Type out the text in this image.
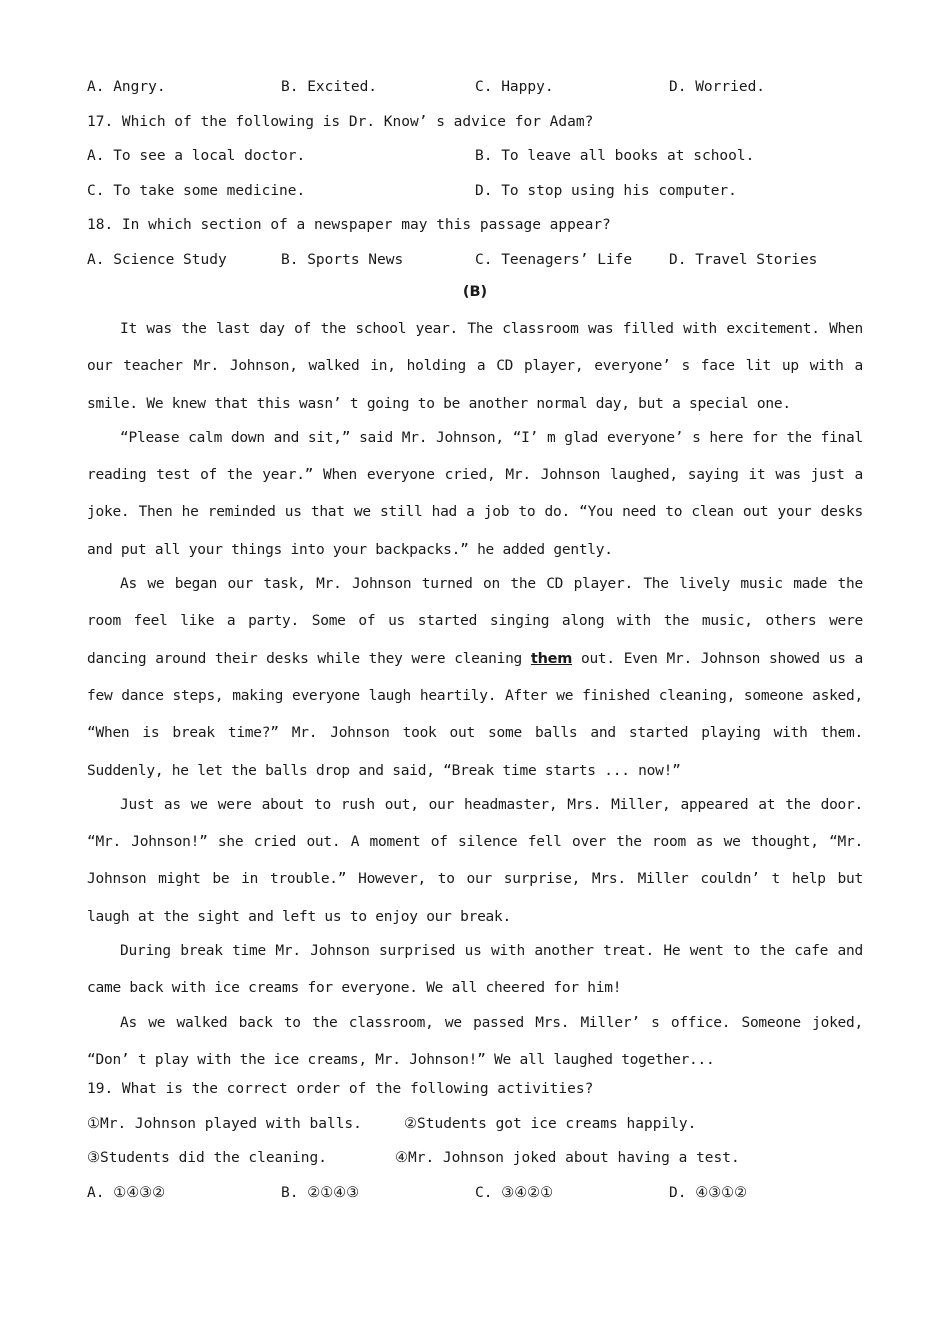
A. Angry.	B. Excited.	C. Happy.	D. Worried.
17. Which of the following is Dr. Know’ s advice for Adam?
A. To see a local doctor.	B. To leave all books at school.
C. To take some medicine.	D. To stop using his computer.
18. In which section of a newspaper may this passage appear?
A. Science Study	B. Sports News	C. Teenagers’ Life	D. Travel Stories
(B)

It was the last day of the school year. The classroom was filled with excitement. When our teacher Mr. Johnson, walked in, holding a CD player, everyone’ s face lit up with a smile. We knew that this wasn’ t going to be another normal day, but a special one.

“Please calm down and sit,” said Mr. Johnson, “I’ m glad everyone’ s here for the final reading test of the year.” When everyone cried, Mr. Johnson laughed, saying it was just a joke. Then he reminded us that we still had a job to do. “You need to clean out your desks and put all your things into your backpacks.” he added gently.

As we began our task, Mr. Johnson turned on the CD player. The lively music made the room feel like a party. Some of us started singing along with the music, others were dancing around their desks while they were cleaning them out. Even Mr. Johnson showed us a few dance steps, making everyone laugh heartily. After we finished cleaning, someone asked, “When is break time?” Mr. Johnson took out some balls and started playing with them. Suddenly, he let the balls drop and said, “Break time starts ... now!”

Just as we were about to rush out, our headmaster, Mrs. Miller, appeared at the door. “Mr. Johnson!” she cried out. A moment of silence fell over the room as we thought, “Mr. Johnson might be in trouble.” However, to our surprise, Mrs. Miller couldn’ t help but laugh at the sight and left us to enjoy our break.

During break time Mr. Johnson surprised us with another treat. He went to the cafe and came back with ice creams for everyone. We all cheered for him!

As we walked back to the classroom, we passed Mrs. Miller’ s office. Someone joked, “Don’ t play with the ice creams, Mr. Johnson!” We all laughed together...

19. What is the correct order of the following activities?
①Mr. Johnson played with balls.	②Students got ice creams happily.
③Students did the cleaning.	④Mr. Johnson joked about having a test.
A. ①④③②	B. ②①④③	C. ③④②①	D. ④③①②
